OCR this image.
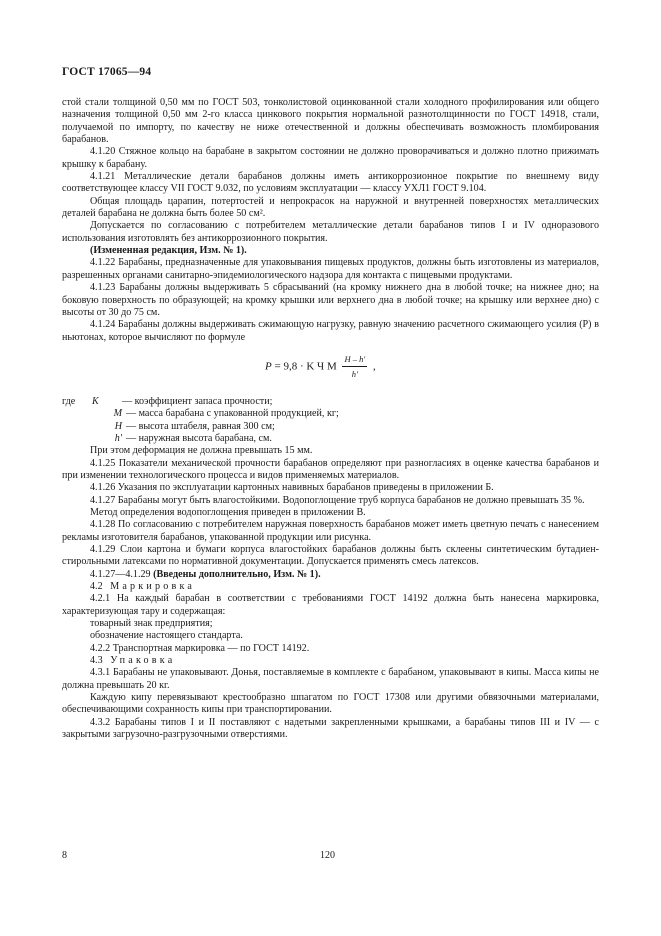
ГОСТ 17065—94

стой стали толщиной 0,50 мм по ГОСТ 503, тонколистовой оцинкованной стали холодного профилирования или общего назначения толщиной 0,50 мм 2-го класса цинкового покрытия нормальной разнотолщинности по ГОСТ 14918, стали, получаемой по импорту, по качеству не ниже отечественной и должны обеспечивать возможность пломбирования барабанов.

4.1.20 Стяжное кольцо на барабане в закрытом состоянии не должно проворачиваться и должно плотно прижимать крышку к барабану.

4.1.21 Металлические детали барабанов должны иметь антикоррозионное покрытие по внешнему виду соответствующее классу VII ГОСТ 9.032, по условиям эксплуатации — классу УХЛ1 ГОСТ 9.104.

Общая площадь царапин, потертостей и непрокрасок на наружной и внутренней поверхностях металлических деталей барабана не должна быть более 50 см².

Допускается по согласованию с потребителем металлические детали барабанов типов I и IV одноразового использования изготовлять без антикоррозионного покрытия.

(Измененная редакция, Изм. № 1).

4.1.22 Барабаны, предназначенные для упаковывания пищевых продуктов, должны быть изготовлены из материалов, разрешенных органами санитарно-эпидемиологического надзора для контакта с пищевыми продуктами.

4.1.23 Барабаны должны выдерживать 5 сбрасываний (на кромку нижнего дна в любой точке; на нижнее дно; на боковую поверхность по образующей; на кромку крышки или верхнего дна в любой точке; на крышку или верхнее дно) с высоты от 30 до 75 см.

4.1.24 Барабаны должны выдерживать сжимающую нагрузку, равную значению расчетного сжимающего усилия (P) в ньютонах, которое вычисляют по формуле

P = 9,8 · K Ч M $\frac{H - h'}{h'}$ ,
где	K	— коэффициент запаса прочности;
M — масса барабана с упакованной продукцией, кг;
H — высота штабеля, равная 300 см;
h' — наружная высота барабана, см.

При этом деформация не должна превышать 15 мм.

4.1.25 Показатели механической прочности барабанов определяют при разногласиях в оценке качества барабанов и при изменении технологического процесса и видов применяемых материалов.

4.1.26 Указания по эксплуатации картонных навивных барабанов приведены в приложении Б.

4.1.27 Барабаны могут быть влагостойкими. Водопоглощение труб корпуса барабанов не должно превышать 35 %.

Метод определения водопоглощения приведен в приложении В.

4.1.28 По согласованию с потребителем наружная поверхность барабанов может иметь цветную печать с нанесением рекламы изготовителя барабанов, упакованной продукции или рисунка.

4.1.29 Слои картона и бумаги корпуса влагостойких барабанов должны быть склеены синтетическим бутадиен-стирольными латексами по нормативной документации. Допускается применять смесь латексов.

4.1.27—4.1.29 (Введены дополнительно, Изм. № 1).

4.2 Маркировка

4.2.1 На каждый барабан в соответствии с требованиями ГОСТ 14192 должна быть нанесена маркировка, характеризующая тару и содержащая:

товарный знак предприятия;

обозначение настоящего стандарта.

4.2.2 Транспортная маркировка — по ГОСТ 14192.

4.3 Упаковка

4.3.1 Барабаны не упаковывают. Донья, поставляемые в комплекте с барабаном, упаковывают в кипы. Масса кипы не должна превышать 20 кг.

Каждую кипу перевязывают крестообразно шпагатом по ГОСТ 17308 или другими обвязочными материалами, обеспечивающими сохранность кипы при транспортировании.

4.3.2 Барабаны типов I и II поставляют с надетыми закрепленными крышками, а барабаны типов III и IV — с закрытыми загрузочно-разгрузочными отверстиями.

8	120
